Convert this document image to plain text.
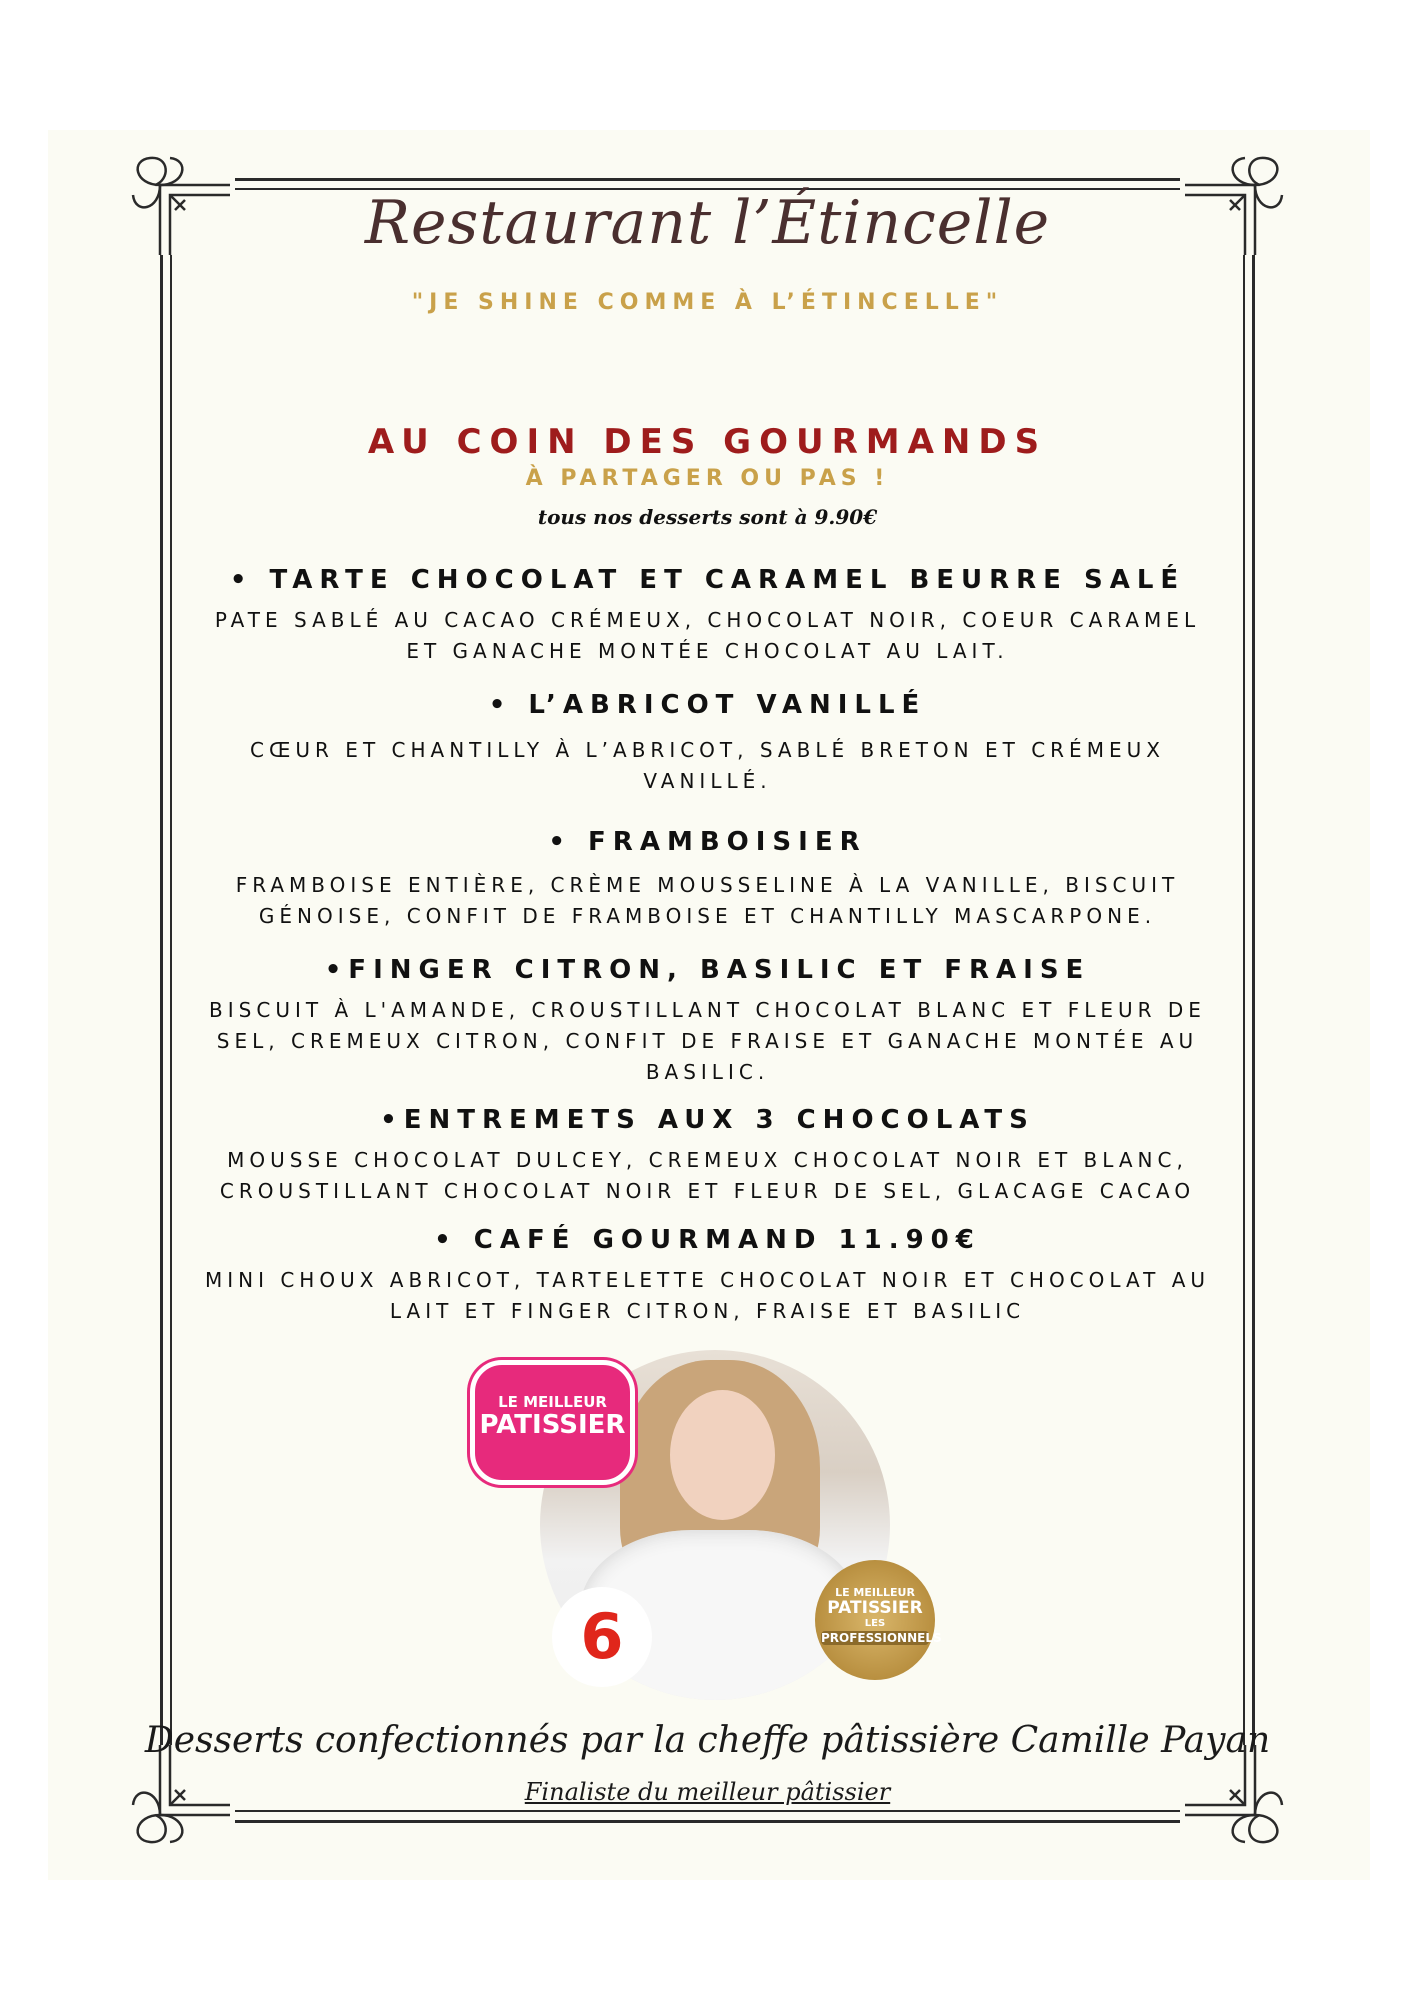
Restaurant l’Étincelle
"JE SHINE COMME À L’ÉTINCELLE"
AU COIN DES GOURMANDS
À PARTAGER OU PAS !
tous nos desserts sont à 9.90€
• TARTE CHOCOLAT ET CARAMEL BEURRE SALÉ
PATE SABLÉ AU CACAO CRÉMEUX, CHOCOLAT NOIR, COEUR CARAMEL
ET GANACHE MONTÉE CHOCOLAT AU LAIT.
• L’ABRICOT VANILLÉ
CŒUR ET CHANTILLY À L’ABRICOT, SABLÉ BRETON ET CRÉMEUX
VANILLÉ.
• FRAMBOISIER
FRAMBOISE ENTIÈRE, CRÈME MOUSSELINE À LA VANILLE, BISCUIT
GÉNOISE, CONFIT DE FRAMBOISE ET CHANTILLY MASCARPONE.
•FINGER CITRON, BASILIC ET FRAISE
BISCUIT À L'AMANDE, CROUSTILLANT CHOCOLAT BLANC ET FLEUR DE
SEL, CREMEUX CITRON, CONFIT DE FRAISE ET GANACHE MONTÉE AU
BASILIC.
•ENTREMETS AUX 3 CHOCOLATS
MOUSSE CHOCOLAT DULCEY, CREMEUX CHOCOLAT NOIR ET BLANC,
CROUSTILLANT CHOCOLAT NOIR ET FLEUR DE SEL, GLACAGE CACAO
• CAFÉ GOURMAND 11.90€
MINI CHOUX ABRICOT, TARTELETTE CHOCOLAT NOIR ET CHOCOLAT AU
LAIT ET FINGER CITRON, FRAISE ET BASILIC
LE MEILLEUR
PATISSIER
6
LE MEILLEUR
PATISSIER
LES
PROFESSIONNELS
Desserts confectionnés par la cheffe pâtissière Camille Payan
Finaliste du meilleur pâtissier
